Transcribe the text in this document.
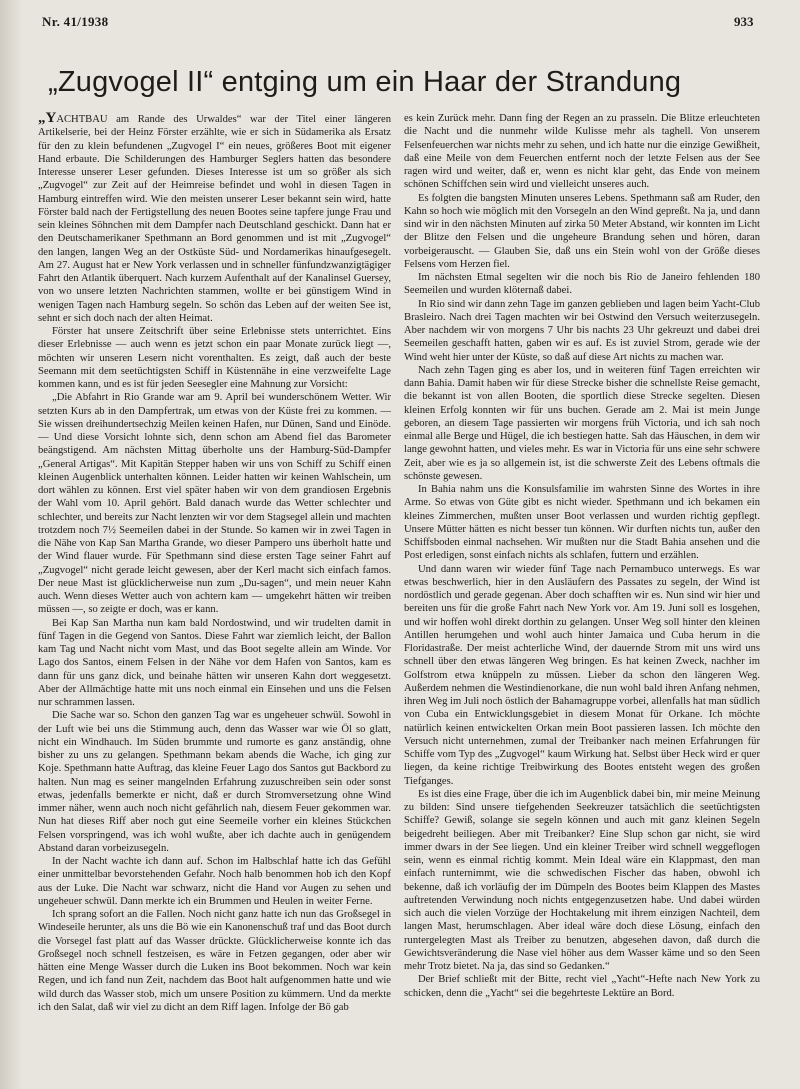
Nr. 41/1938	933
„Zugvogel II“ entging um ein Haar der Strandung

„YACHTBAU am Rande des Urwaldes“ war der Titel einer längeren Artikelserie, bei der Heinz Förster erzählte, wie er sich in Südamerika als Ersatz für den zu klein befundenen „Zugvogel I“ ein neues, größeres Boot mit eigener Hand erbaute. Die Schilderungen des Hamburger Seglers hatten das besondere Interesse unserer Leser gefunden. Dieses Interesse ist um so größer als sich „Zugvogel“ zur Zeit auf der Heimreise befindet und wohl in diesen Tagen in Hamburg eintreffen wird. Wie den meisten unserer Leser bekannt sein wird, hatte Förster bald nach der Fertigstellung des neuen Bootes seine tapfere junge Frau und sein kleines Söhnchen mit dem Dampfer nach Deutschland geschickt. Dann hat er den Deutschamerikaner Spethmann an Bord genommen und ist mit „Zugvogel“ den langen, langen Weg an der Ostküste Süd- und Nordamerikas hinaufgesegelt. Am 27. August hat er New York verlassen und in schneller fünfundzwanzigtägiger Fahrt den Atlantik überquert. Nach kurzem Aufenthalt auf der Kanalinsel Guersey, von wo unsere letzten Nachrichten stammen, wollte er bei günstigem Wind in wenigen Tagen nach Hamburg segeln. So schön das Leben auf der weiten See ist, sehnt er sich doch nach der alten Heimat.

Förster hat unsere Zeitschrift über seine Erlebnisse stets unterrichtet. Eins dieser Erlebnisse — auch wenn es jetzt schon ein paar Monate zurück liegt —, möchten wir unseren Lesern nicht vorenthalten. Es zeigt, daß auch der beste Seemann mit dem seetüchtigsten Schiff in Küstennähe in eine verzweifelte Lage kommen kann, und es ist für jeden Seesegler eine Mahnung zur Vorsicht:

„Die Abfahrt in Rio Grande war am 9. April bei wunderschönem Wetter. Wir setzten Kurs ab in den Dampfertrak, um etwas von der Küste frei zu kommen. — Sie wissen dreihundertsechzig Meilen keinen Hafen, nur Dünen, Sand und Einöde. — Und diese Vorsicht lohnte sich, denn schon am Abend fiel das Barometer beängstigend. Am nächsten Mittag überholte uns der Hamburg-Süd-Dampfer „General Artigas“. Mit Kapitän Stepper haben wir uns von Schiff zu Schiff einen kleinen Augenblick unterhalten können. Leider hatten wir keinen Wahlschein, um dort wählen zu können. Erst viel später haben wir von dem grandiosen Ergebnis der Wahl vom 10. April gehört. Bald danach wurde das Wetter schlechter und schlechter, und bereits zur Nacht lenzten wir vor dem Stagsegel allein und machten trotzdem noch 7½ Seemeilen dabei in der Stunde. So kamen wir in zwei Tagen in die Nähe von Kap San Martha Grande, wo dieser Pampero uns überholt hatte und der Wind flauer wurde. Für Spethmann sind diese ersten Tage seiner Fahrt auf „Zugvogel“ nicht gerade leicht gewesen, aber der Kerl macht sich einfach famos. Der neue Mast ist glücklicherweise nun zum „Du-sagen“, und mein neuer Kahn auch. Wenn dieses Wetter auch von achtern kam — umgekehrt hätten wir treiben müssen —, so zeigte er doch, was er kann.

Bei Kap San Martha nun kam bald Nordostwind, und wir trudelten damit in fünf Tagen in die Gegend von Santos. Diese Fahrt war ziemlich leicht, der Ballon kam Tag und Nacht nicht vom Mast, und das Boot segelte allein am Winde. Vor Lago dos Santos, einem Felsen in der Nähe vor dem Hafen von Santos, kam es dann für uns ganz dick, und beinahe hätten wir unseren Kahn dort weggesetzt. Aber der Allmächtige hatte mit uns noch einmal ein Einsehen und uns die Felsen nur schrammen lassen.

Die Sache war so. Schon den ganzen Tag war es ungeheuer schwül. Sowohl in der Luft wie bei uns die Stimmung auch, denn das Wasser war wie Öl so glatt, nicht ein Windhauch. Im Süden brummte und rumorte es ganz anständig, ohne bisher zu uns zu gelangen. Spethmann bekam abends die Wache, ich ging zur Koje. Spethmann hatte Auftrag, das kleine Feuer Lago dos Santos gut Backbord zu halten. Nun mag es seiner mangelnden Erfahrung zuzuschreiben sein oder sonst etwas, jedenfalls bemerkte er nicht, daß er durch Stromversetzung ohne Wind immer näher, wenn auch noch nicht gefährlich nah, diesem Feuer gekommen war. Nun hat dieses Riff aber noch gut eine Seemeile vorher ein kleines Stückchen Felsen vorspringend, was ich wohl wußte, aber ich dachte auch in genügendem Abstand daran vorbeizusegeln.

In der Nacht wachte ich dann auf. Schon im Halbschlaf hatte ich das Gefühl einer unmittelbar bevorstehenden Gefahr. Noch halb benommen hob ich den Kopf aus der Luke. Die Nacht war schwarz, nicht die Hand vor Augen zu sehen und ungeheuer schwül. Dann merkte ich ein Brummen und Heulen in weiter Ferne.

Ich sprang sofort an die Fallen. Noch nicht ganz hatte ich nun das Großsegel in Windeseile herunter, als uns die Bö wie ein Kanonenschuß traf und das Boot durch die Vorsegel fast platt auf das Wasser drückte. Glücklicherweise konnte ich das Großsegel noch schnell festzeisen, es wäre in Fetzen gegangen, oder aber wir hätten eine Menge Wasser durch die Luken ins Boot bekommen. Noch war kein Regen, und ich fand nun Zeit, nachdem das Boot halt aufgenommen hatte und wie wild durch das Wasser stob, mich um unsere Position zu kümmern. Und da merkte ich den Salat, daß wir viel zu dicht an dem Riff lagen. Infolge der Bö gab

es kein Zurück mehr. Dann fing der Regen an zu prasseln. Die Blitze erleuchteten die Nacht und die nunmehr wilde Kulisse mehr als taghell. Von unserem Felsenfeuerchen war nichts mehr zu sehen, und ich hatte nur die einzige Gewißheit, daß eine Meile von dem Feuerchen entfernt noch der letzte Felsen aus der See ragen wird und weiter, daß er, wenn es nicht klar geht, das Ende von meinem schönen Schiffchen sein wird und vielleicht unseres auch.

Es folgten die bangsten Minuten unseres Lebens. Spethmann saß am Ruder, den Kahn so hoch wie möglich mit den Vorsegeln an den Wind gepreßt. Na ja, und dann sind wir in den nächsten Minuten auf zirka 50 Meter Abstand, wir konnten im Licht der Blitze den Felsen und die ungeheure Brandung sehen und hören, daran vorbeigerauscht. — Glauben Sie, daß uns ein Stein wohl von der Größe dieses Felsens vom Herzen fiel.

Im nächsten Etmal segelten wir die noch bis Rio de Janeiro fehlenden 180 Seemeilen und wurden klöternaß dabei.

In Rio sind wir dann zehn Tage im ganzen geblieben und lagen beim Yacht-Club Brasleiro. Nach drei Tagen machten wir bei Ostwind den Versuch weiterzusegeln. Aber nachdem wir von morgens 7 Uhr bis nachts 23 Uhr gekreuzt und dabei drei Seemeilen geschafft hatten, gaben wir es auf. Es ist zuviel Strom, gerade wie der Wind weht hier unter der Küste, so daß auf diese Art nichts zu machen war.

Nach zehn Tagen ging es aber los, und in weiteren fünf Tagen erreichten wir dann Bahia. Damit haben wir für diese Strecke bisher die schnellste Reise gemacht, die bekannt ist von allen Booten, die sportlich diese Strecke segelten. Diesen kleinen Erfolg konnten wir für uns buchen. Gerade am 2. Mai ist mein Junge geboren, an diesem Tage passierten wir morgens früh Victoria, und ich sah noch einmal alle Berge und Hügel, die ich bestiegen hatte. Sah das Häuschen, in dem wir lange gewohnt hatten, und vieles mehr. Es war in Victoria für uns eine sehr schwere Zeit, aber wie es ja so allgemein ist, ist die schwerste Zeit des Lebens oftmals die schönste gewesen.

In Bahia nahm uns die Konsulsfamilie im wahrsten Sinne des Wortes in ihre Arme. So etwas von Güte gibt es nicht wieder. Spethmann und ich bekamen ein kleines Zimmerchen, mußten unser Boot verlassen und wurden richtig gepflegt. Unsere Mütter hätten es nicht besser tun können. Wir durften nichts tun, außer den Schiffsboden einmal nachsehen. Wir mußten nur die Stadt Bahia ansehen und die Post erledigen, sonst einfach nichts als schlafen, futtern und erzählen.

Und dann waren wir wieder fünf Tage nach Pernambuco unterwegs. Es war etwas beschwerlich, hier in den Ausläufern des Passates zu segeln, der Wind ist nordöstlich und gerade gegenan. Aber doch schafften wir es. Nun sind wir hier und bereiten uns für die große Fahrt nach New York vor. Am 19. Juni soll es losgehen, und wir hoffen wohl direkt dorthin zu gelangen. Unser Weg soll hinter den kleinen Antillen herumgehen und wohl auch hinter Jamaica und Cuba herum in die Floridastraße. Der meist achterliche Wind, der dauernde Strom mit uns wird uns schnell über den etwas längeren Weg bringen. Es hat keinen Zweck, nachher im Golfstrom etwa knüppeln zu müssen. Lieber da schon den längeren Weg. Außerdem nehmen die Westindienorkane, die nun wohl bald ihren Anfang nehmen, ihren Weg im Juli noch östlich der Bahamagruppe vorbei, allenfalls hat man südlich von Cuba ein Entwicklungsgebiet in diesem Monat für Orkane. Ich möchte natürlich keinen entwickelten Orkan mein Boot passieren lassen. Ich möchte den Versuch nicht unternehmen, zumal der Treibanker nach meinen Erfahrungen für Schiffe vom Typ des „Zugvogel“ kaum Wirkung hat. Selbst über Heck wird er quer liegen, da keine richtige Treibwirkung des Bootes entsteht wegen des großen Tiefganges.

Es ist dies eine Frage, über die ich im Augenblick dabei bin, mir meine Meinung zu bilden: Sind unsere tiefgehenden Seekreuzer tatsächlich die seetüchtigsten Schiffe? Gewiß, solange sie segeln können und auch mit ganz kleinen Segeln beigedreht beiliegen. Aber mit Treibanker? Eine Slup schon gar nicht, sie wird immer dwars in der See liegen. Und ein kleiner Treiber wird schnell weggeflogen sein, wenn es einmal richtig kommt. Mein Ideal wäre ein Klappmast, den man einfach runternimmt, wie die schwedischen Fischer das haben, obwohl ich bekenne, daß ich vorläufig der im Dümpeln des Bootes beim Klappen des Mastes auftretenden Verwindung noch nichts entgegenzusetzen habe. Und dabei würden sich auch die vielen Vorzüge der Hochtakelung mit ihrem einzigen Nachteil, dem langen Mast, herumschlagen. Aber ideal wäre doch diese Lösung, einfach den runtergelegten Mast als Treiber zu benutzen, abgesehen davon, daß durch die Gewichtsveränderung die Nase viel höher aus dem Wasser käme und so den Seen mehr Trotz bietet. Na ja, das sind so Gedanken.“

Der Brief schließt mit der Bitte, recht viel „Yacht“-Hefte nach New York zu schicken, denn die „Yacht“ sei die begehrteste Lektüre an Bord.
